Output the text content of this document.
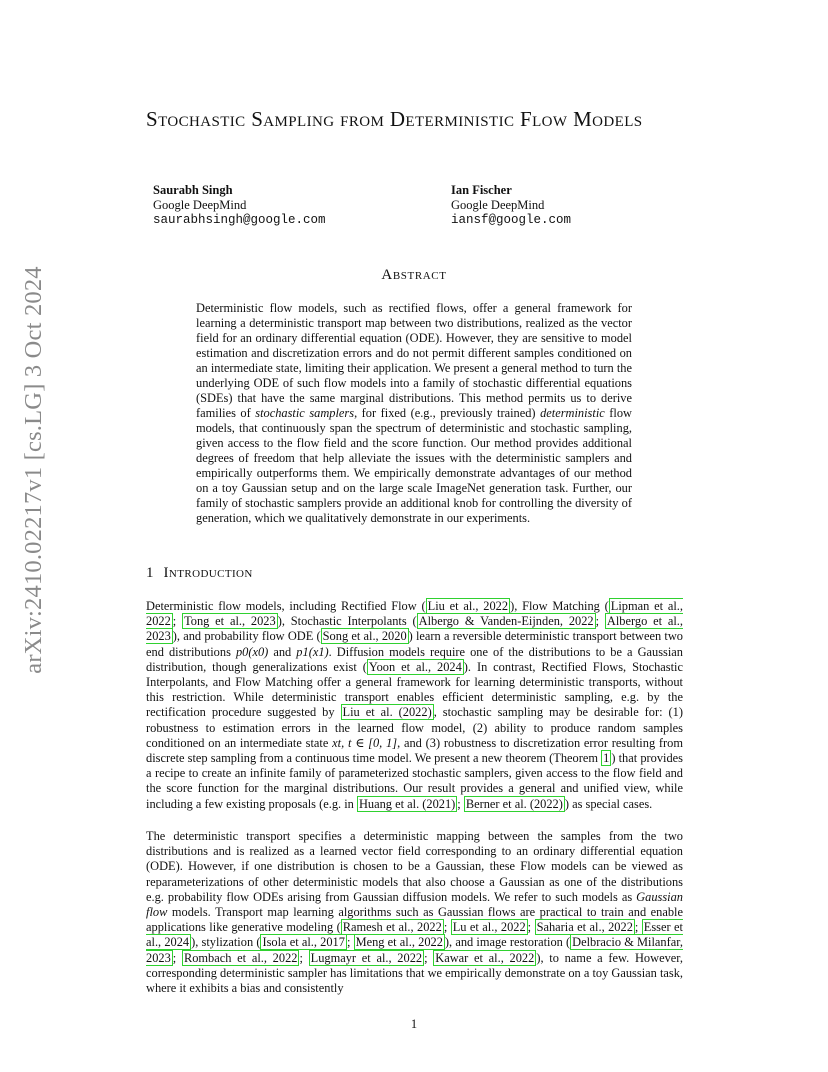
arXiv:2410.02217v1 [cs.LG] 3 Oct 2024
Stochastic Sampling from Deterministic Flow Models
Saurabh Singh
Google DeepMind
saurabhsingh@google.com
Ian Fischer
Google DeepMind
iansf@google.com
Abstract

Deterministic flow models, such as rectified flows, offer a general framework for learning a deterministic transport map between two distributions, realized as the vector field for an ordinary differential equation (ODE). However, they are sensitive to model estimation and discretization errors and do not permit different samples conditioned on an intermediate state, limiting their application. We present a general method to turn the underlying ODE of such flow models into a family of stochastic differential equations (SDEs) that have the same marginal distributions. This method permits us to derive families of stochastic samplers, for fixed (e.g., previously trained) deterministic flow models, that continuously span the spectrum of deterministic and stochastic sampling, given access to the flow field and the score function. Our method provides additional degrees of freedom that help alleviate the issues with the deterministic samplers and empirically outperforms them. We empirically demonstrate advantages of our method on a toy Gaussian setup and on the large scale ImageNet generation task. Further, our family of stochastic samplers provide an additional knob for controlling the diversity of generation, which we qualitatively demonstrate in our experiments.

1 Introduction

Deterministic flow models, including Rectified Flow ( Liu et al., 2022 ), Flow Matching ( Lipman et al., 2022 ; Tong et al., 2023 ), Stochastic Interpolants ( Albergo & Vanden-Eijnden, 2022 ; Albergo et al., 2023 ), and probability flow ODE ( Song et al., 2020 ) learn a reversible deterministic transport between two end distributions p0(x0) and p1(x1). Diffusion models require one of the distributions to be a Gaussian distribution, though generalizations exist ( Yoon et al., 2024 ). In contrast, Rectified Flows, Stochastic Interpolants, and Flow Matching offer a general framework for learning deterministic transports, without this restriction. While deterministic transport enables efficient deterministic sampling, e.g. by the rectification procedure suggested by Liu et al. (2022) , stochastic sampling may be desirable for: (1) robustness to estimation errors in the learned flow model, (2) ability to produce random samples conditioned on an intermediate state xt, t ∈ [0, 1], and (3) robustness to discretization error resulting from discrete step sampling from a continuous time model. We present a new theorem (Theorem 1 ) that provides a recipe to create an infinite family of parameterized stochastic samplers, given access to the flow field and the score function for the marginal distributions. Our result provides a general and unified view, while including a few existing proposals (e.g. in Huang et al. (2021) ; Berner et al. (2022) ) as special cases.

The deterministic transport specifies a deterministic mapping between the samples from the two distributions and is realized as a learned vector field corresponding to an ordinary differential equation (ODE). However, if one distribution is chosen to be a Gaussian, these Flow models can be viewed as reparameterizations of other deterministic models that also choose a Gaussian as one of the distributions e.g. probability flow ODEs arising from Gaussian diffusion models. We refer to such models as Gaussian flow models. Transport map learning algorithms such as Gaussian flows are practical to train and enable applications like generative modeling ( Ramesh et al., 2022 ; Lu et al., 2022 ; Saharia et al., 2022 ; Esser et al., 2024 ), stylization ( Isola et al., 2017 ; Meng et al., 2022 ), and image restoration ( Delbracio & Milanfar, 2023 ; Rombach et al., 2022 ; Lugmayr et al., 2022 ; Kawar et al., 2022 ), to name a few. However, corresponding deterministic sampler has limitations that we empirically demonstrate on a toy Gaussian task, where it exhibits a bias and consistently

1
